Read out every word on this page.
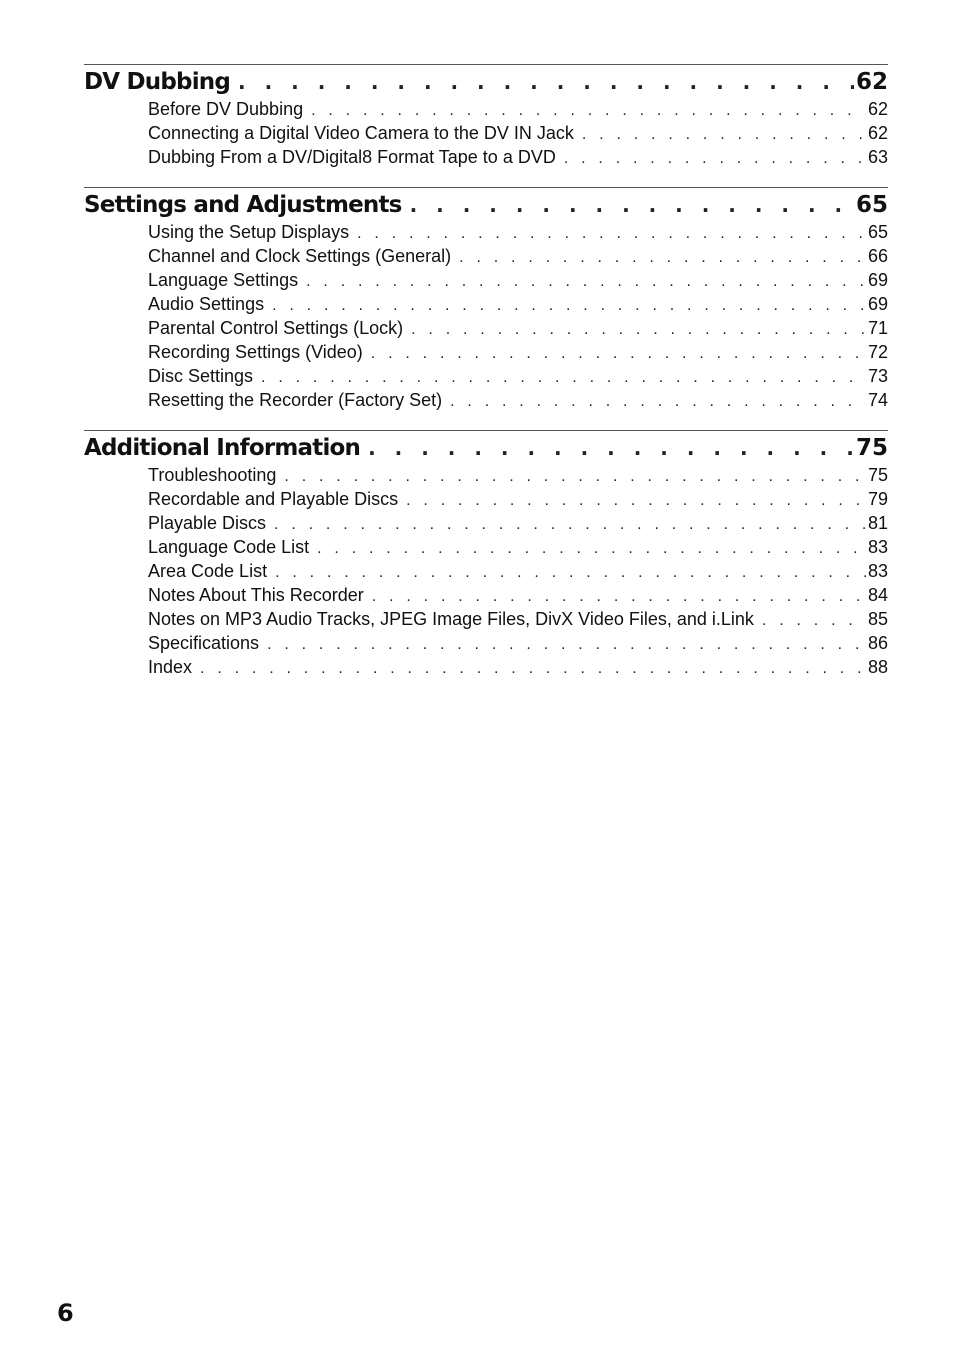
DV Dubbing . . .	62
Before DV Dubbing . . .	62
Connecting a Digital Video Camera to the DV IN Jack . . .	62
Dubbing From a DV/Digital8 Format Tape to a DVD . . .	63
Settings and Adjustments . . .	65
Using the Setup Displays . . .	65
Channel and Clock Settings (General) . . .	66
Language Settings . . .	69
Audio Settings . . .	69
Parental Control Settings (Lock) . . .	71
Recording Settings (Video) . . .	72
Disc Settings . . .	73
Resetting the Recorder (Factory Set) . . .	74
Additional Information . . .	75
Troubleshooting . . .	75
Recordable and Playable Discs . . .	79
Playable Discs . . .	81
Language Code List . . .	83
Area Code List . . .	83
Notes About This Recorder . . .	84
Notes on MP3 Audio Tracks, JPEG Image Files, DivX Video Files, and i.Link . . .	85
Specifications . . .	86
Index . . .	88
6
